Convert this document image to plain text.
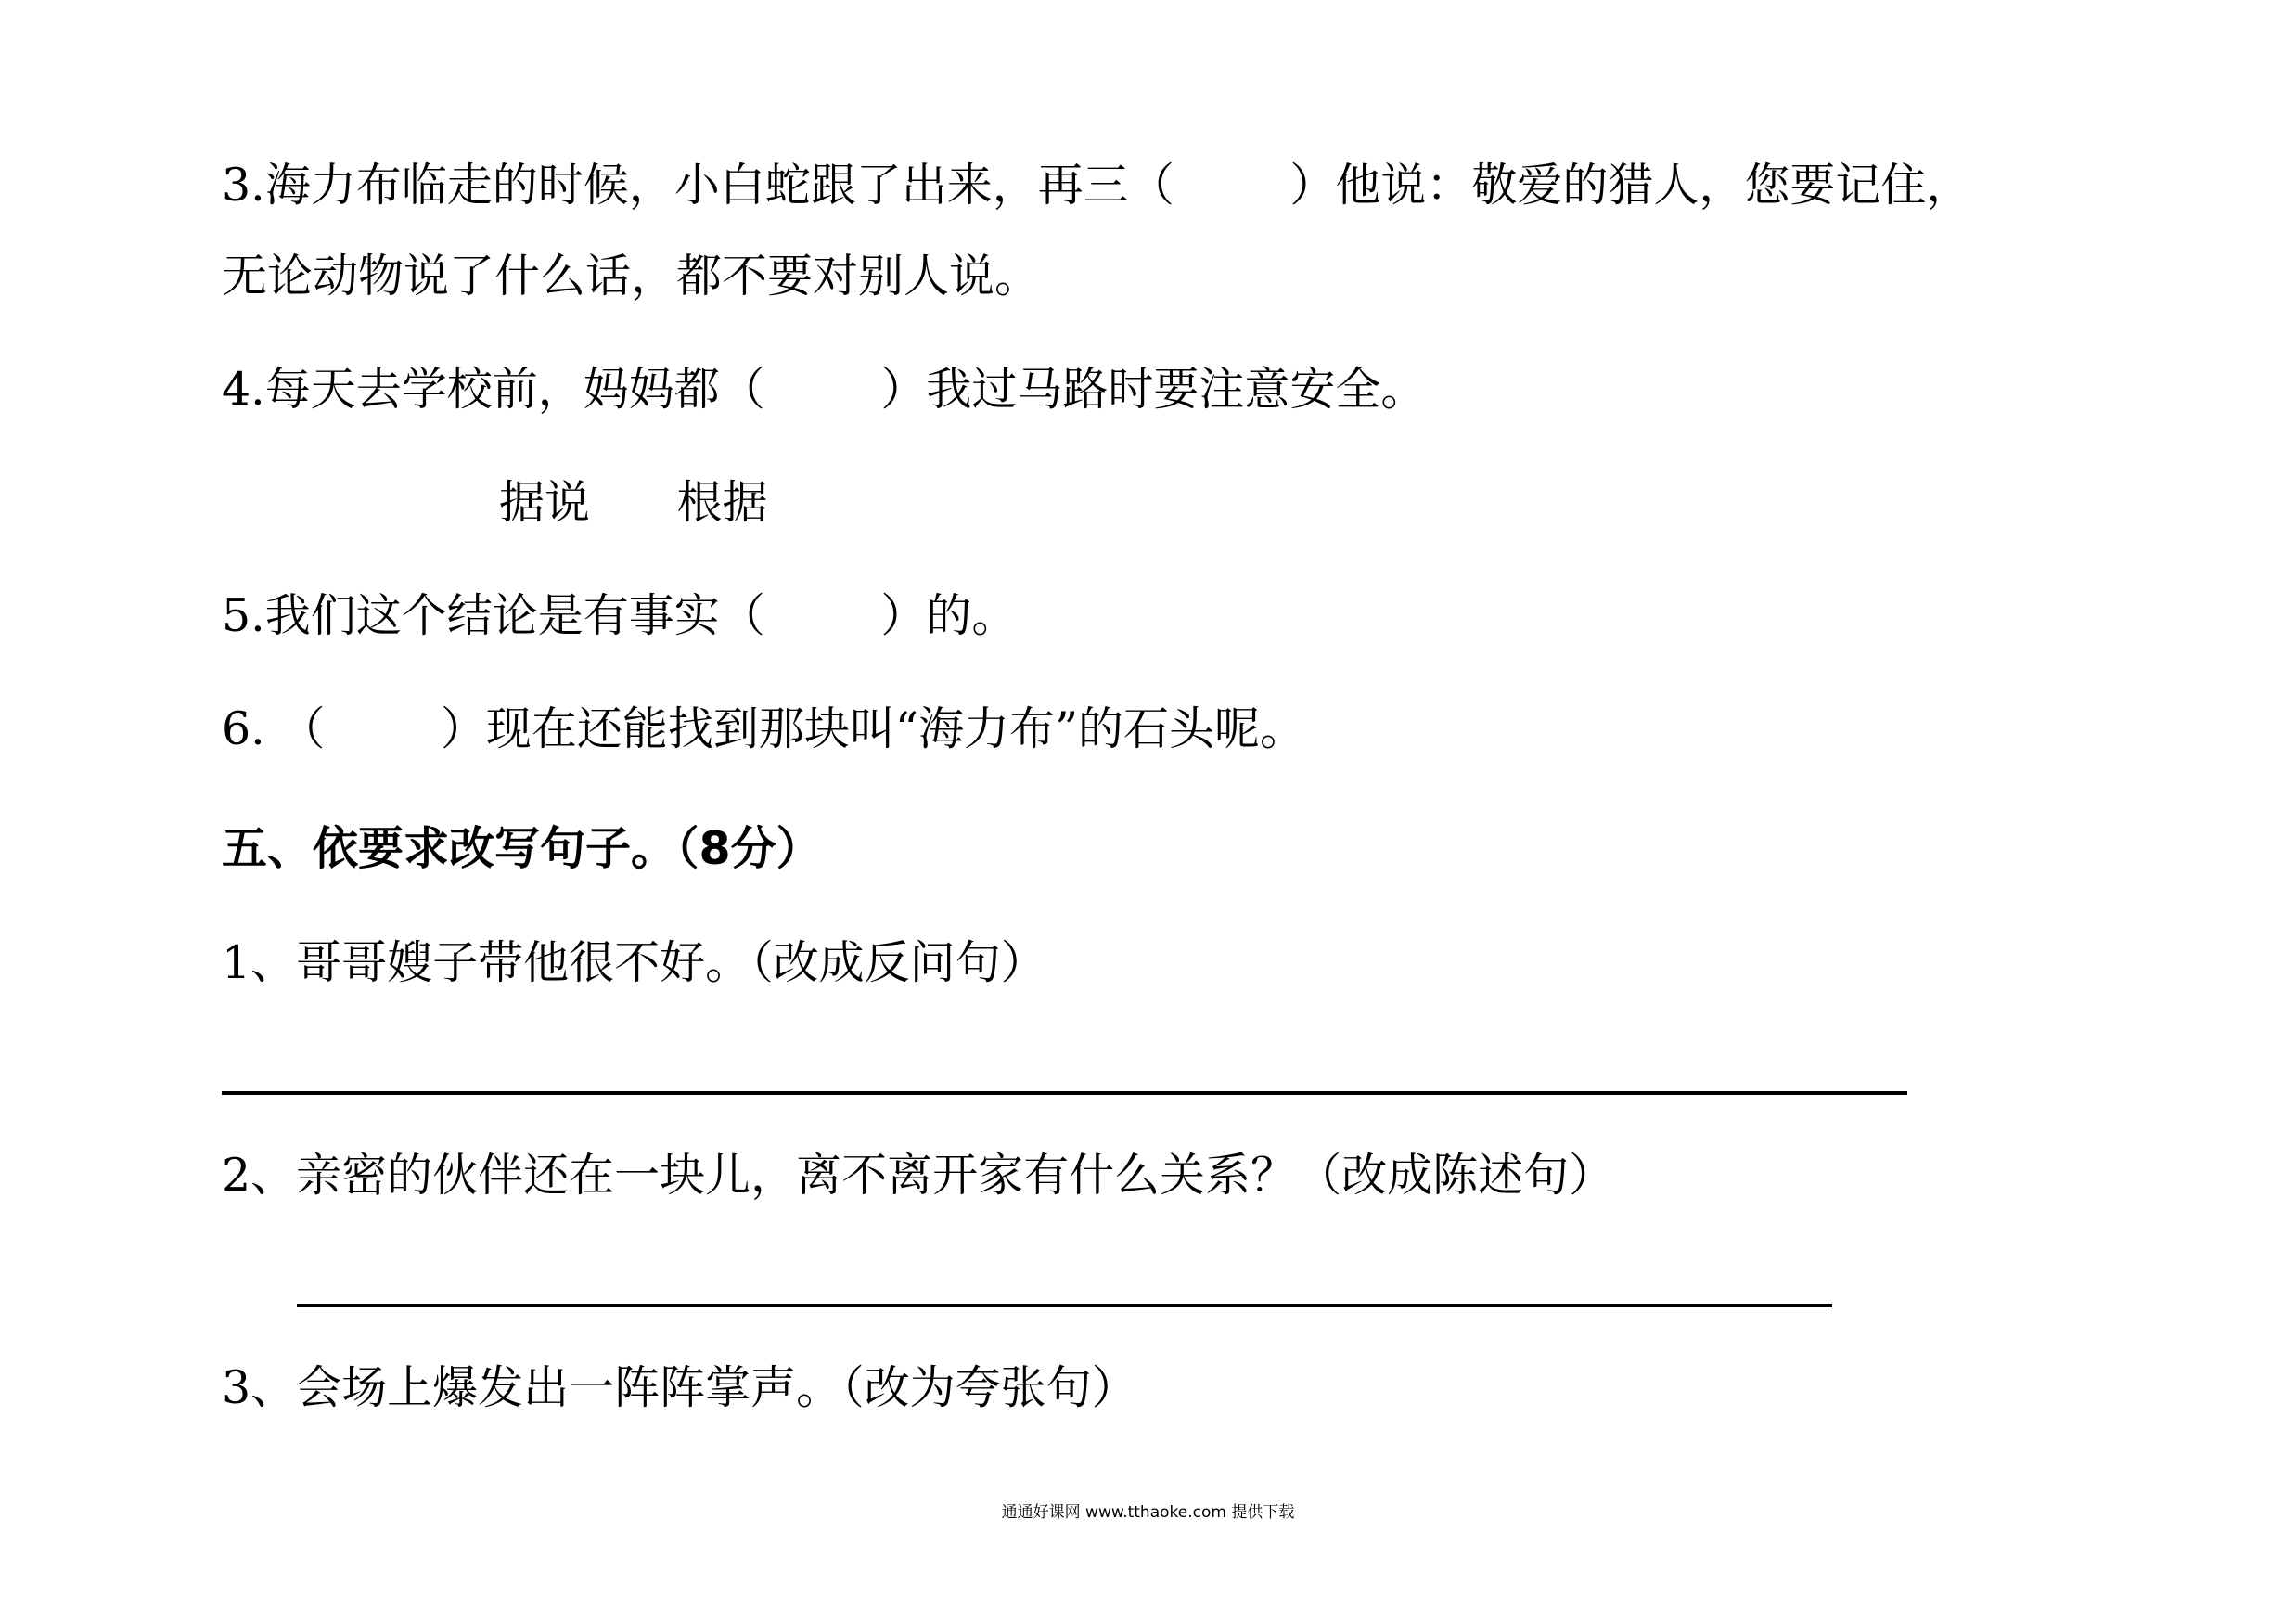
3.海力布临走的时候，小白蛇跟了出来，再三（        ）他说：敬爱的猎人，您要记住，
无论动物说了什么话，都不要对别人说。
4.每天去学校前，妈妈都（        ）我过马路时要注意安全。
据说      根据
5.我们这个结论是有事实（        ）的。
6. （        ）现在还能找到那块叫“海力布”的石头呢。
五、依要求改写句子。（8分）
1、哥哥嫂子带他很不好。（改成反问句）
2、亲密的伙伴还在一块儿，离不离开家有什么关系？（改成陈述句）
3、会场上爆发出一阵阵掌声。（改为夸张句）
通通好课网 www.tthaoke.com 提供下载
